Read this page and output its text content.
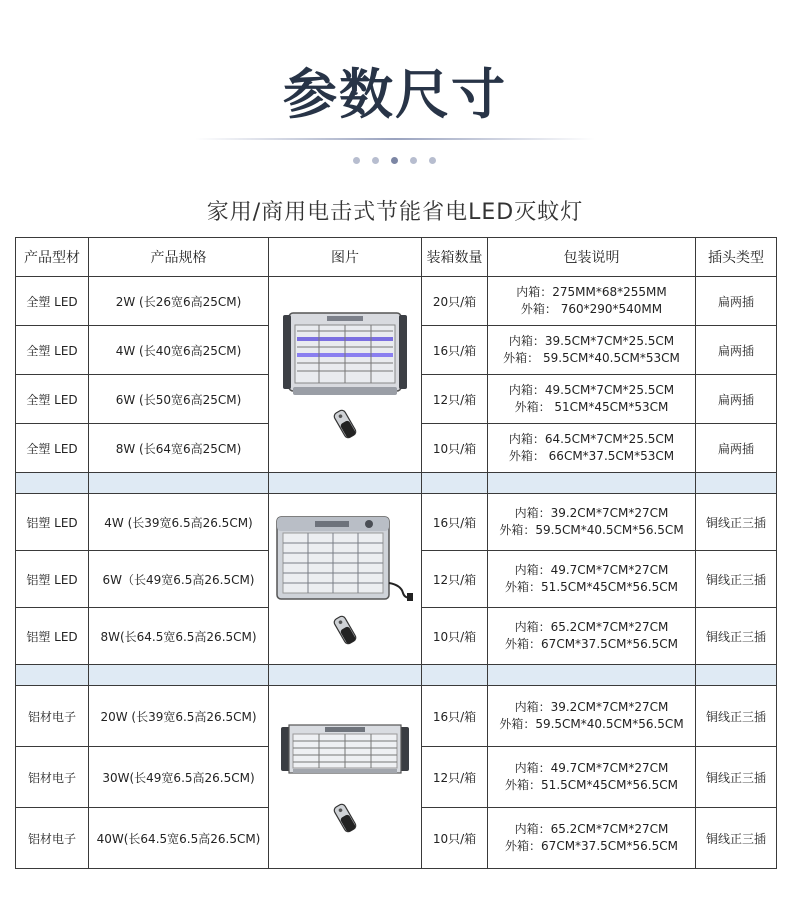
参数尺寸
家用/商用电击式节能省电LED灭蚊灯
产品型材	产品规格	图片	装箱数量	包装说明	插头类型
全塑 LED	2W (长26宽6高25CM)		20只/箱	内箱：275MM*68*255MM
外箱： 760*290*540MM	扁两插
全塑 LED	4W (长40宽6高25CM)		16只/箱	内箱：39.5CM*7CM*25.5CM
外箱： 59.5CM*40.5CM*53CM	扁两插
全塑 LED	6W (长50宽6高25CM)		12只/箱	内箱：49.5CM*7CM*25.5CM
外箱： 51CM*45CM*53CM	扁两插
全塑 LED	8W (长64宽6高25CM)		10只/箱	内箱：64.5CM*7CM*25.5CM
外箱： 66CM*37.5CM*53CM	扁两插

铝塑 LED	4W (长39宽6.5高26.5CM)		16只/箱	内箱：39.2CM*7CM*27CM
外箱：59.5CM*40.5CM*56.5CM	铜线正三插
铝塑 LED	6W（长49宽6.5高26.5CM)		12只/箱	内箱：49.7CM*7CM*27CM
外箱：51.5CM*45CM*56.5CM	铜线正三插
铝塑 LED	8W(长64.5宽6.5高26.5CM)		10只/箱	内箱：65.2CM*7CM*27CM
外箱：67CM*37.5CM*56.5CM	铜线正三插

铝材电子	20W (长39宽6.5高26.5CM)		16只/箱	内箱：39.2CM*7CM*27CM
外箱：59.5CM*40.5CM*56.5CM	铜线正三插
铝材电子	30W(长49宽6.5高26.5CM)		12只/箱	内箱：49.7CM*7CM*27CM
外箱：51.5CM*45CM*56.5CM	铜线正三插
铝材电子	40W(长64.5宽6.5高26.5CM)		10只/箱	内箱：65.2CM*7CM*27CM
外箱：67CM*37.5CM*56.5CM	铜线正三插
